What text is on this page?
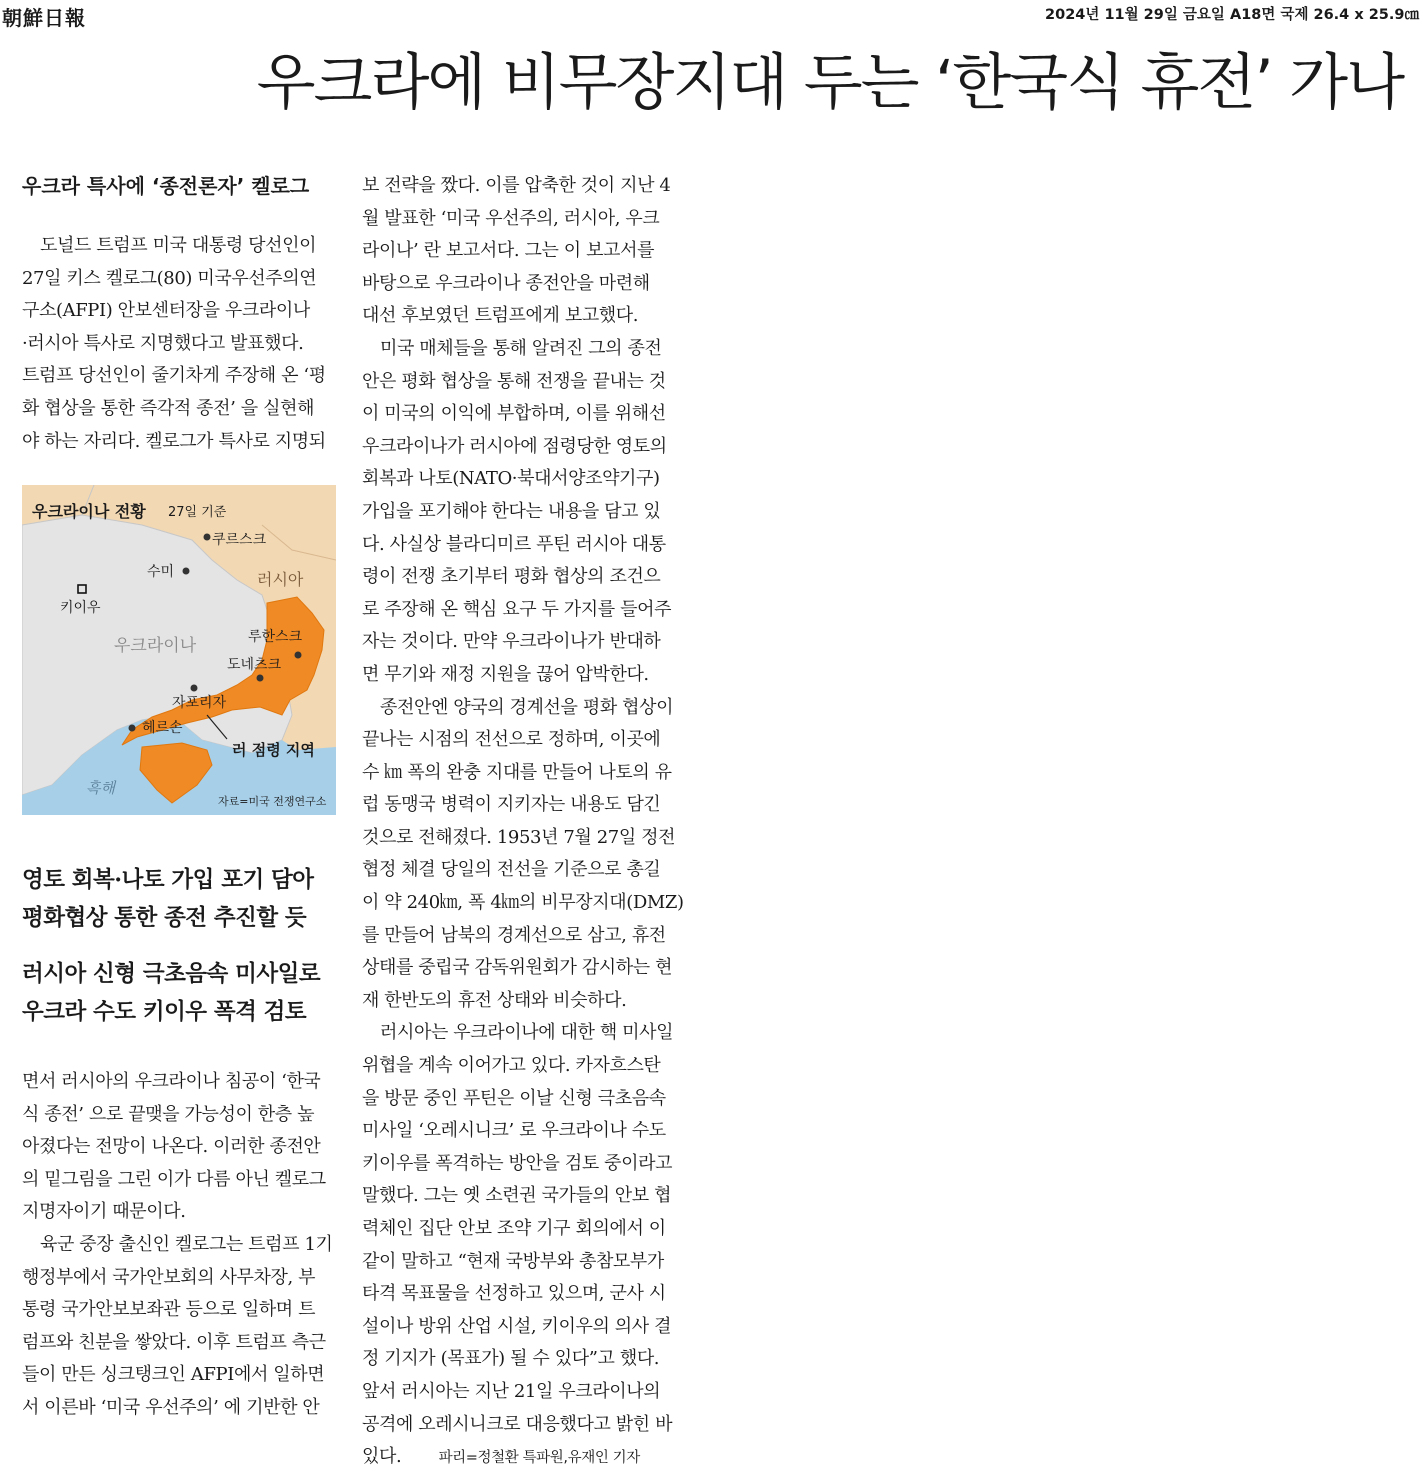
朝鮮日報	2024년 11월 29일 금요일 A18면 국제 26.4 x 25.9㎝
우크라에 비무장지대 두는 ‘한국식 휴전’ 가나
우크라 특사에 ‘종전론자’ 켈로그

도널드 트럼프 미국 대통령 당선인이
27일 키스 켈로그(80) 미국우선주의연
구소(AFPI) 안보센터장을 우크라이나
·러시아 특사로 지명했다고 발표했다.
트럼프 당선인이 줄기차게 주장해 온 ‘평
화 협상을 통한 즉각적 종전’ 을 실현해
야 하는 자리다. 켈로그가 특사로 지명되

우크라이나 전황 27일 기준
쿠르스크
수미	러시아
키이우
우크라이나	루한스크
도네츠크
자포리자
헤르손
러 점령 지역
흑해
자료=미국 전쟁연구소
영토 회복·나토 가입 포기 담아
평화협상 통한 종전 추진할 듯
러시아 신형 극초음속 미사일로
우크라 수도 키이우 폭격 검토

면서 러시아의 우크라이나 침공이 ‘한국
식 종전’ 으로 끝맺을 가능성이 한층 높
아졌다는 전망이 나온다. 이러한 종전안
의 밑그림을 그린 이가 다름 아닌 켈로그
지명자이기 때문이다.
육군 중장 출신인 켈로그는 트럼프 1기
행정부에서 국가안보회의 사무차장, 부
통령 국가안보보좌관 등으로 일하며 트
럼프와 친분을 쌓았다. 이후 트럼프 측근
들이 만든 싱크탱크인 AFPI에서 일하면
서 이른바 ‘미국 우선주의’ 에 기반한 안

보 전략을 짰다. 이를 압축한 것이 지난 4
월 발표한 ‘미국 우선주의, 러시아, 우크
라이나’ 란 보고서다. 그는 이 보고서를
바탕으로 우크라이나 종전안을 마련해
대선 후보였던 트럼프에게 보고했다.
미국 매체들을 통해 알려진 그의 종전
안은 평화 협상을 통해 전쟁을 끝내는 것
이 미국의 이익에 부합하며, 이를 위해선
우크라이나가 러시아에 점령당한 영토의
회복과 나토(NATO·북대서양조약기구)
가입을 포기해야 한다는 내용을 담고 있
다. 사실상 블라디미르 푸틴 러시아 대통
령이 전쟁 초기부터 평화 협상의 조건으
로 주장해 온 핵심 요구 두 가지를 들어주
자는 것이다. 만약 우크라이나가 반대하
면 무기와 재정 지원을 끊어 압박한다.
종전안엔 양국의 경계선을 평화 협상이
끝나는 시점의 전선으로 정하며, 이곳에
수 ㎞ 폭의 완충 지대를 만들어 나토의 유
럽 동맹국 병력이 지키자는 내용도 담긴
것으로 전해졌다. 1953년 7월 27일 정전
협정 체결 당일의 전선을 기준으로 총길
이 약 240㎞, 폭 4㎞의 비무장지대(DMZ)
를 만들어 남북의 경계선으로 삼고, 휴전
상태를 중립국 감독위원회가 감시하는 현
재 한반도의 휴전 상태와 비슷하다.
러시아는 우크라이나에 대한 핵 미사일
위협을 계속 이어가고 있다. 카자흐스탄
을 방문 중인 푸틴은 이날 신형 극초음속
미사일 ‘오레시니크’ 로 우크라이나 수도
키이우를 폭격하는 방안을 검토 중이라고
말했다. 그는 옛 소련권 국가들의 안보 협
력체인 집단 안보 조약 기구 회의에서 이
같이 말하고 “현재 국방부와 총참모부가
타격 목표물을 선정하고 있으며, 군사 시
설이나 방위 산업 시설, 키이우의 의사 결
정 기지가 (목표가) 될 수 있다”고 했다.
앞서 러시아는 지난 21일 우크라이나의
공격에 오레시니크로 대응했다고 밝힌 바
있다.	파리=정철환 특파원,유재인 기자
